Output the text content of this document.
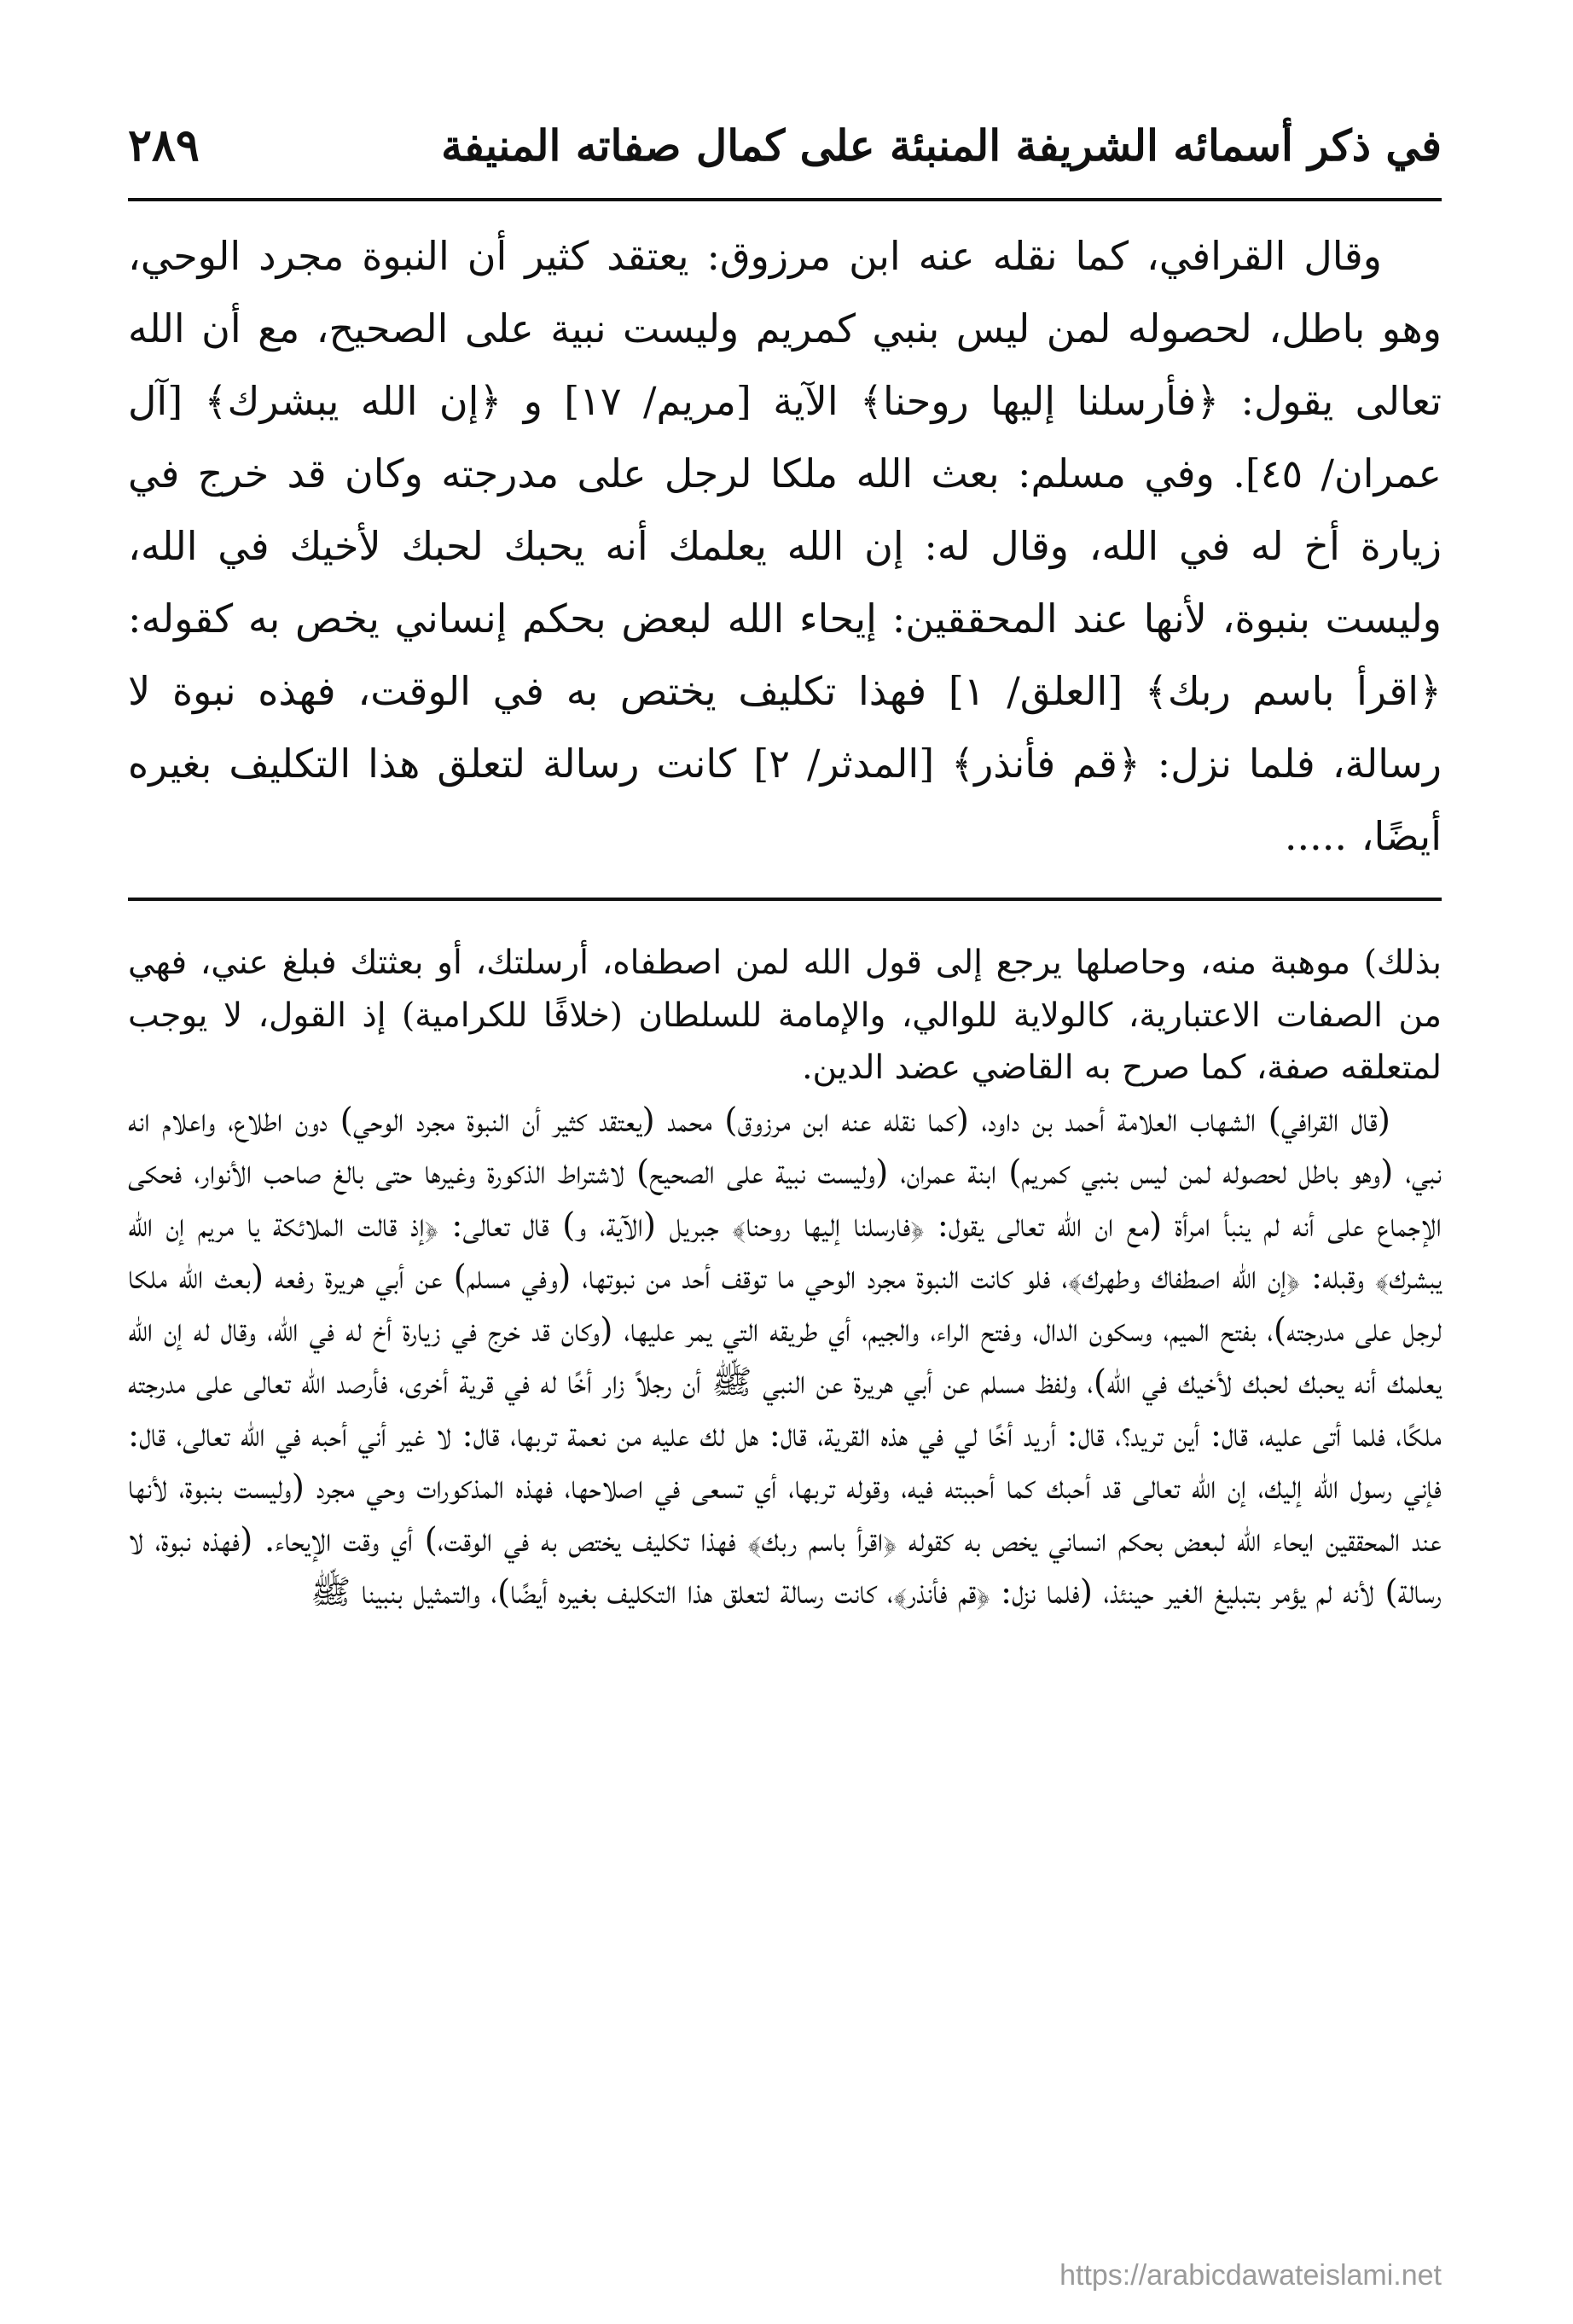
في ذكر أسمائه الشريفة المنبئة على كمال صفاته المنيفة
٢٨٩

وقال القرافي، كما نقله عنه ابن مرزوق: يعتقد كثير أن النبوة مجرد الوحي، وهو باطل، لحصوله لمن ليس بنبي كمريم وليست نبية على الصحيح، مع أن الله تعالى يقول: ﴿فأرسلنا إليها روحنا﴾ الآية [مريم/ ١٧] و ﴿إن الله يبشرك﴾ [آل عمران/ ٤٥]. وفي مسلم: بعث الله ملكا لرجل على مدرجته وكان قد خرج في زيارة أخ له في الله، وقال له: إن الله يعلمك أنه يحبك لحبك لأخيك في الله، وليست بنبوة، لأنها عند المحققين: إيحاء الله لبعض بحكم إنساني يخص به كقوله: ﴿اقرأ باسم ربك﴾ [العلق/ ١] فهذا تكليف يختص به في الوقت، فهذه نبوة لا رسالة، فلما نزل: ﴿قم فأنذر﴾ [المدثر/ ٢] كانت رسالة لتعلق هذا التكليف بغيره أيضًا، .....

بذلك) موهبة منه، وحاصلها يرجع إلى قول الله لمن اصطفاه، أرسلتك، أو بعثتك فبلغ عني، فهي من الصفات الاعتبارية، كالولاية للوالي، والإمامة للسلطان (خلافًا للكرامية) إذ القول، لا يوجب لمتعلقه صفة، كما صرح به القاضي عضد الدين.

(قال القرافي) الشهاب العلامة أحمد بن داود، (كما نقله عنه ابن مرزوق) محمد (يعتقد كثير أن النبوة مجرد الوحي) دون اطلاع، واعلام انه نبي، (وهو باطل لحصوله لمن ليس بنبي كمريم) ابنة عمران، (وليست نبية على الصحيح) لاشتراط الذكورة وغيرها حتى بالغ صاحب الأنوار، فحكى الإجماع على أنه لم ينبأ امرأة (مع ان الله تعالى يقول: ﴿فارسلنا إليها روحنا﴾ جبريل (الآية، و) قال تعالى: ﴿إذ قالت الملائكة يا مريم إن الله يبشرك﴾ وقبله: ﴿إن الله اصطفاك وطهرك﴾، فلو كانت النبوة مجرد الوحي ما توقف أحد من نبوتها، (وفي مسلم) عن أبي هريرة رفعه (بعث الله ملكا لرجل على مدرجته)، بفتح الميم، وسكون الدال، وفتح الراء، والجيم، أي طريقه التي يمر عليها، (وكان قد خرج في زيارة أخ له في الله، وقال له إن الله يعلمك أنه يحبك لحبك لأخيك في الله)، ولفظ مسلم عن أبي هريرة عن النبي ﷺ أن رجلاً زار أخًا له في قرية أخرى، فأرصد الله تعالى على مدرجته ملكًا، فلما أتى عليه، قال: أين تريد؟، قال: أريد أخًا لي في هذه القرية، قال: هل لك عليه من نعمة تربها، قال: لا غير أني أحبه في الله تعالى، قال: فإني رسول الله إليك، إن الله تعالى قد أحبك كما أحببته فيه، وقوله تربها، أي تسعى في اصلاحها، فهذه المذكورات وحي مجرد (وليست بنبوة، لأنها عند المحققين ايحاء الله لبعض بحكم انساني يخص به كقوله ﴿اقرأ باسم ربك﴾ فهذا تكليف يختص به في الوقت،) أي وقت الإيحاء. (فهذه نبوة، لا رسالة) لأنه لم يؤمر بتبليغ الغير حينئذ، (فلما نزل: ﴿قم فأنذر﴾، كانت رسالة لتعلق هذا التكليف بغيره أيضًا)، والتمثيل بنبينا ﷺ

https://arabicdawateislami.net
